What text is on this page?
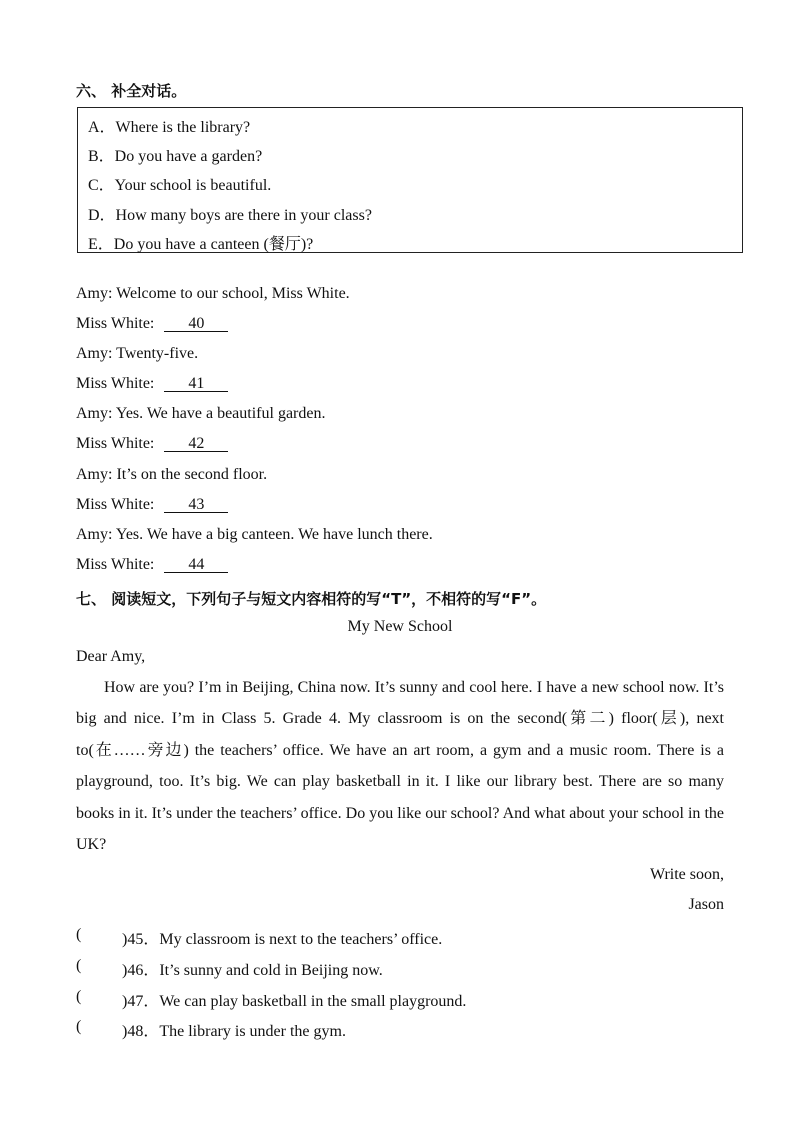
六、 补全对话。
A．Where is the library?
B．Do you have a garden?
C．Your school is beautiful.
D．How many boys are there in your class?
E．Do you have a canteen (餐厅)?
Amy: Welcome to our school, Miss White.
Miss White: 40
Amy: Twenty-five.
Miss White: 41
Amy: Yes. We have a beautiful garden.
Miss White: 42
Amy: It’s on the second floor.
Miss White: 43
Amy: Yes. We have a big canteen. We have lunch there.
Miss White: 44
七、 阅读短文，下列句子与短文内容相符的写“T”，不相符的写“F”。
My New School
Dear Amy,
How are you? I’m in Beijing, China now. It’s sunny and cool here. I have a new school now. It’s big and nice. I’m in Class 5. Grade 4. My classroom is on the second(第二) floor(层), next to(在……旁边) the teachers’ office. We have an art room, a gym and a music room. There is a playground, too. It’s big. We can play basketball in it. I like our library best. There are so many books in it. It’s under the teachers’ office. Do you like our school? And what about your school in the UK?
Write soon,
Jason
(	)45．My classroom is next to the teachers’ office.
(	)46．It’s sunny and cold in Beijing now.
(	)47．We can play basketball in the small playground.
(	)48．The library is under the gym.
